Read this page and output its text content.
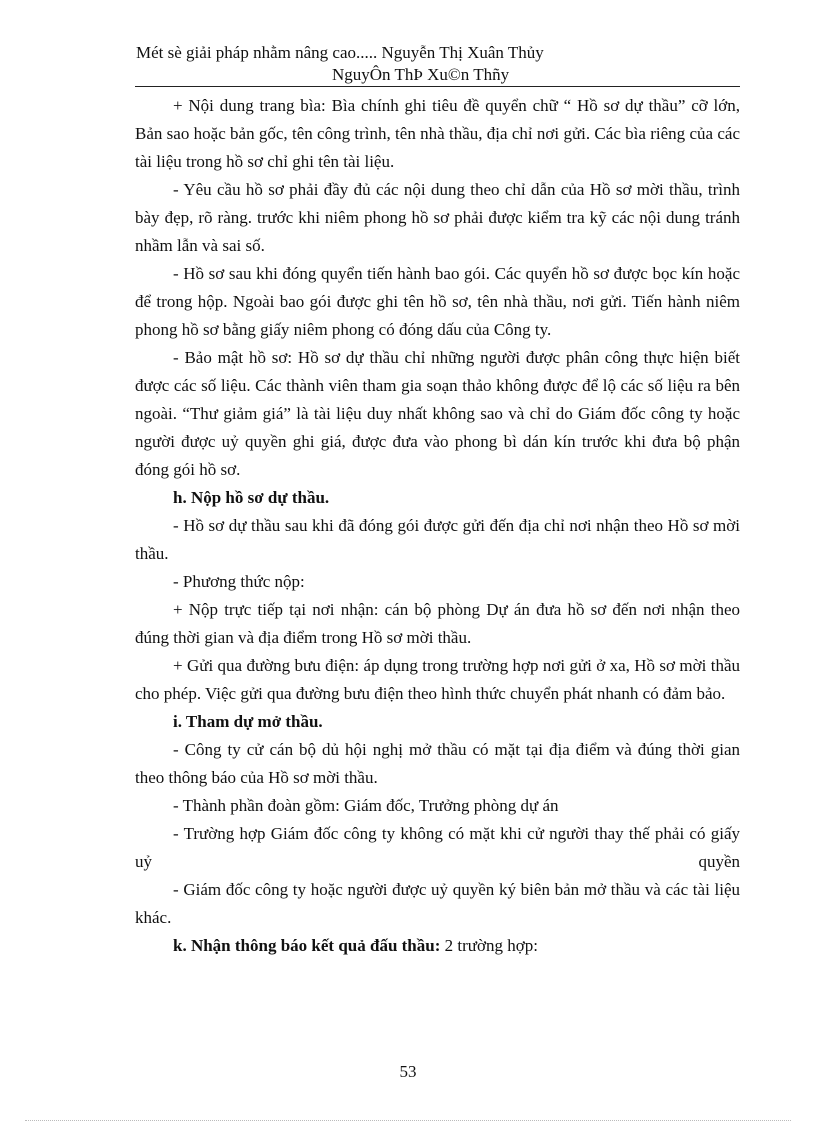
Mét sè giải pháp nhằm nâng cao..... Nguyễn Thị Xuân Thủy
NguyÔn ThÞ Xu©n Thñy

+ Nội dung trang bìa: Bìa chính ghi tiêu đề quyển chữ “ Hồ sơ dự thầu” cỡ lớn, Bản sao hoặc bản gốc, tên công trình, tên nhà thầu, địa chỉ nơi gửi. Các bìa riêng của các tài liệu trong hồ sơ chỉ ghi tên tài liệu.

- Yêu cầu hồ sơ phải đầy đủ các nội dung theo chỉ dẫn của Hồ sơ mời thầu, trình bày đẹp, rõ ràng. trước khi niêm phong hồ sơ phải được kiểm tra kỹ các nội dung tránh nhầm lẫn và sai số.

- Hồ sơ sau khi đóng quyển tiến hành bao gói. Các quyển hồ sơ được bọc kín hoặc để trong hộp. Ngoài bao gói được ghi tên hồ sơ, tên nhà thầu, nơi gửi. Tiến hành niêm phong hồ sơ bằng giấy niêm phong có đóng dấu của Công ty.

- Bảo mật hồ sơ: Hồ sơ dự thầu chỉ những người được phân công thực hiện biết được các số liệu. Các thành viên tham gia soạn thảo không được để lộ các số liệu ra bên ngoài. “Thư giảm giá” là tài liệu duy nhất không sao và chỉ do Giám đốc công ty hoặc người được uỷ quyền ghi giá, được đưa vào phong bì dán kín trước khi đưa bộ phận đóng gói hồ sơ.

h. Nộp hồ sơ dự thầu.

- Hồ sơ dự thầu sau khi đã đóng gói được gửi đến địa chỉ nơi nhận theo Hồ sơ mời thầu.

- Phương thức nộp:

+ Nộp trực tiếp tại nơi nhận: cán bộ phòng Dự án đưa hồ sơ đến nơi nhận theo đúng thời gian và địa điểm trong Hồ sơ mời thầu.

+ Gửi qua đường bưu điện: áp dụng trong trường hợp nơi gửi ở xa, Hồ sơ mời thầu cho phép. Việc gửi qua đường bưu điện theo hình thức chuyển phát nhanh có đảm bảo.

i. Tham dự mở thầu.

- Công ty cử cán bộ dủ hội nghị mở thầu có mặt tại địa điểm và đúng thời gian theo thông báo của Hồ sơ mời thầu.

- Thành phần đoàn gồm: Giám đốc, Trưởng phòng dự án

- Trường hợp Giám đốc công ty không có mặt khi cử người thay thế phải có giấy uỷ quyền

- Giám đốc công ty hoặc người được uỷ quyền ký biên bản mở thầu và các tài liệu khác.

k. Nhận thông báo kết quả đấu thầu: 2 trường hợp:

53
